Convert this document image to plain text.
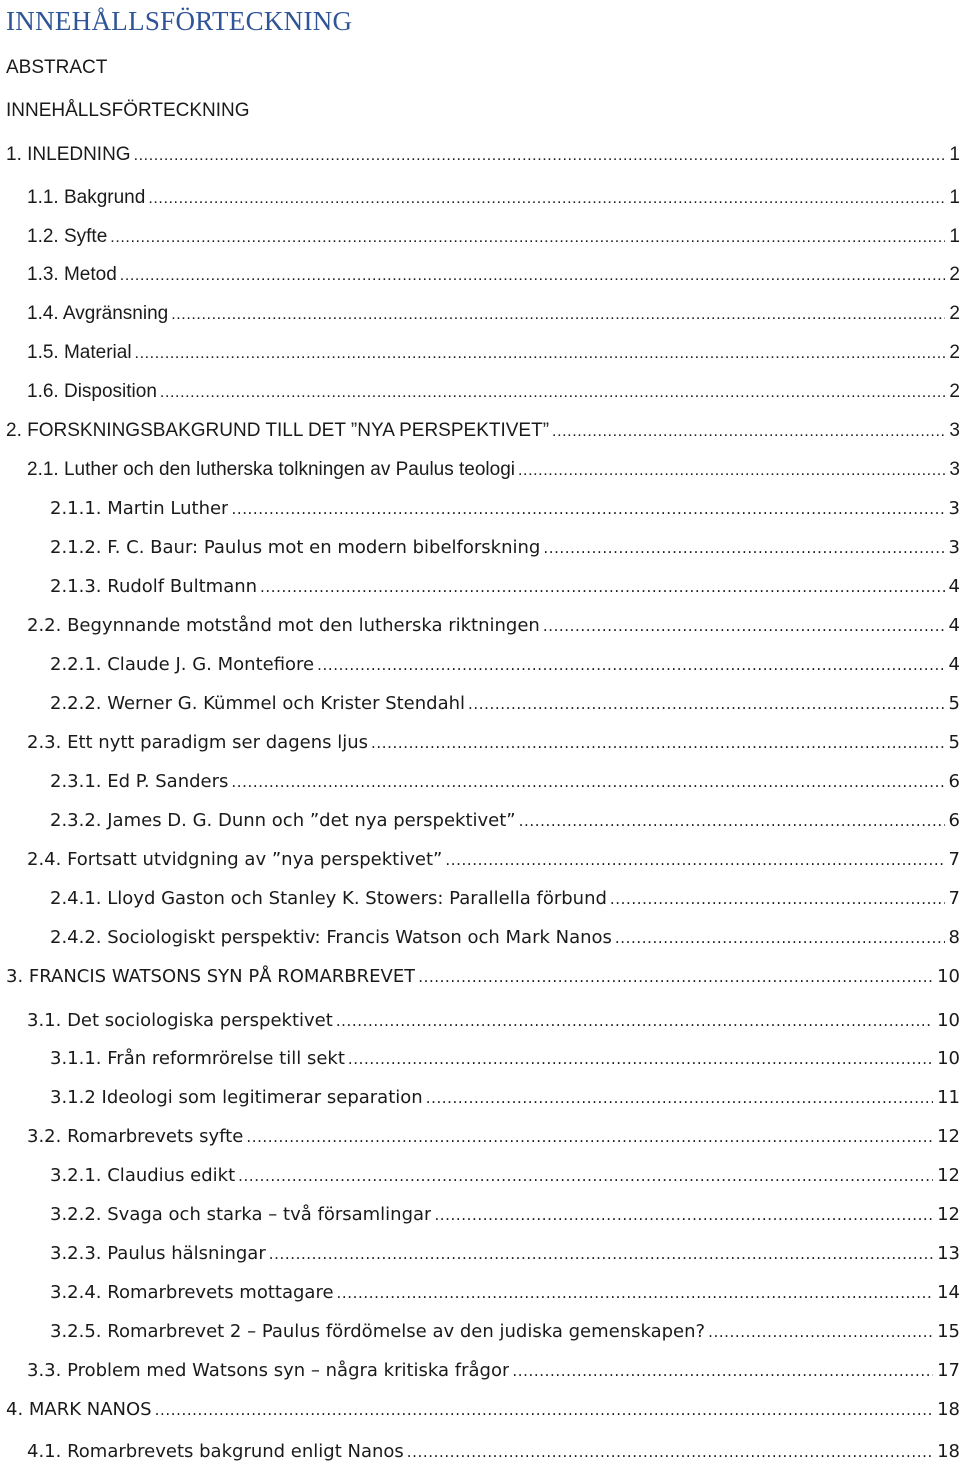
INNEHÅLLSFÖRTECKNING
ABSTRACT
INNEHÅLLSFÖRTECKNING
1. INLEDNING .....	1
1.1. Bakgrund .....	1
1.2. Syfte .....	1
1.3. Metod .....	2
1.4. Avgränsning .....	2
1.5. Material .....	2
1.6. Disposition .....	2
2. FORSKNINGSBAKGRUND TILL DET ”NYA PERSPEKTIVET” .....	3
2.1. Luther och den lutherska tolkningen av Paulus teologi .....	3
2.1.1. Martin Luther .....	3
2.1.2. F. C. Baur: Paulus mot en modern bibelforskning .....	3
2.1.3. Rudolf Bultmann .....	4
2.2. Begynnande motstånd mot den lutherska riktningen .....	4
2.2.1. Claude J. G. Montefiore .....	4
2.2.2. Werner G. Kümmel och Krister Stendahl .....	5
2.3. Ett nytt paradigm ser dagens ljus .....	5
2.3.1. Ed P. Sanders .....	6
2.3.2. James D. G. Dunn och ”det nya perspektivet” .....	6
2.4. Fortsatt utvidgning av ”nya perspektivet” .....	7
2.4.1. Lloyd Gaston och Stanley K. Stowers: Parallella förbund .....	7
2.4.2. Sociologiskt perspektiv: Francis Watson och Mark Nanos .....	8
3. FRANCIS WATSONS SYN PÅ ROMARBREVET .....	10
3.1. Det sociologiska perspektivet .....	10
3.1.1. Från reformrörelse till sekt .....	10
3.1.2 Ideologi som legitimerar separation .....	11
3.2. Romarbrevets syfte .....	12
3.2.1. Claudius edikt .....	12
3.2.2. Svaga och starka – två församlingar .....	12
3.2.3. Paulus hälsningar .....	13
3.2.4. Romarbrevets mottagare .....	14
3.2.5. Romarbrevet 2 – Paulus fördömelse av den judiska gemenskapen? .....	15
3.3. Problem med Watsons syn – några kritiska frågor .....	17
4. MARK NANOS .....	18
4.1. Romarbrevets bakgrund enligt Nanos .....	18
